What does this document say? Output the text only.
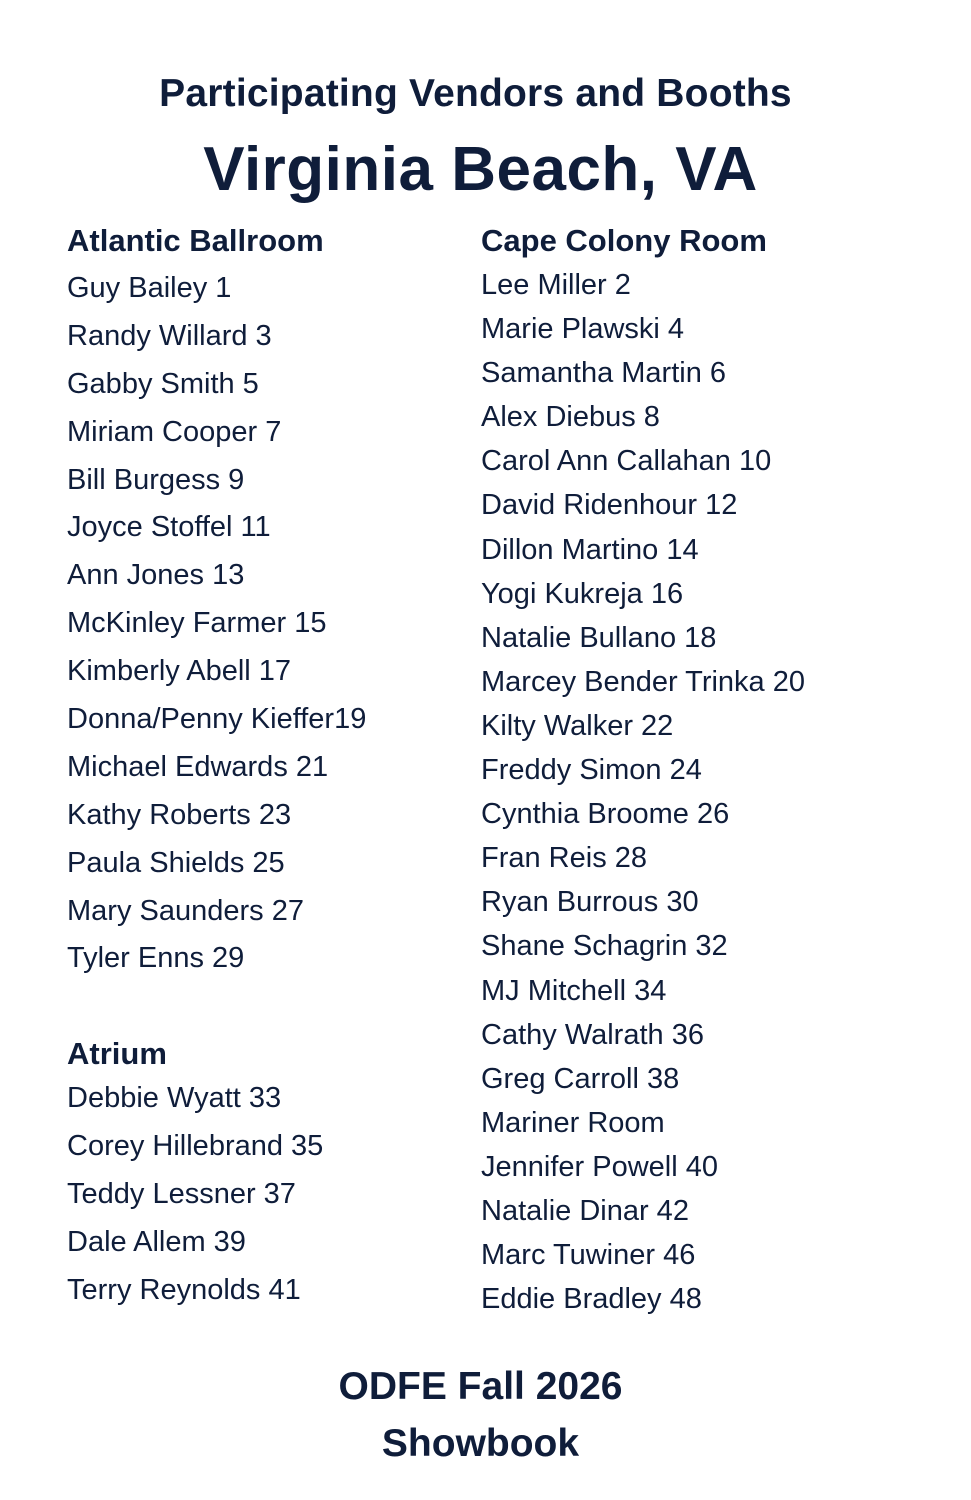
Participating Vendors and Booths
Virginia Beach, VA
Atlantic Ballroom
Guy Bailey 1
Randy Willard 3
Gabby Smith 5
Miriam Cooper 7
Bill Burgess 9
Joyce Stoffel 11
Ann Jones 13
McKinley Farmer 15
Kimberly Abell 17
Donna/Penny Kieffer19
Michael Edwards 21
Kathy Roberts 23
Paula Shields 25
Mary Saunders 27
Tyler Enns 29
Atrium
Debbie Wyatt 33
Corey Hillebrand 35
Teddy Lessner 37
Dale Allem 39
Terry Reynolds 41
Cape Colony Room
Lee Miller 2
Marie Plawski 4
Samantha Martin 6
Alex Diebus 8
Carol Ann Callahan 10
David Ridenhour 12
Dillon Martino 14
Yogi Kukreja 16
Natalie Bullano 18
Marcey Bender Trinka 20
Kilty Walker 22
Freddy Simon 24
Cynthia Broome 26
Fran Reis 28
Ryan Burrous 30
Shane Schagrin 32
MJ Mitchell 34
Cathy Walrath 36
Greg Carroll 38
Mariner Room
Jennifer Powell 40
Natalie Dinar 42
Marc Tuwiner 46
Eddie Bradley 48
ODFE Fall 2026
Showbook
